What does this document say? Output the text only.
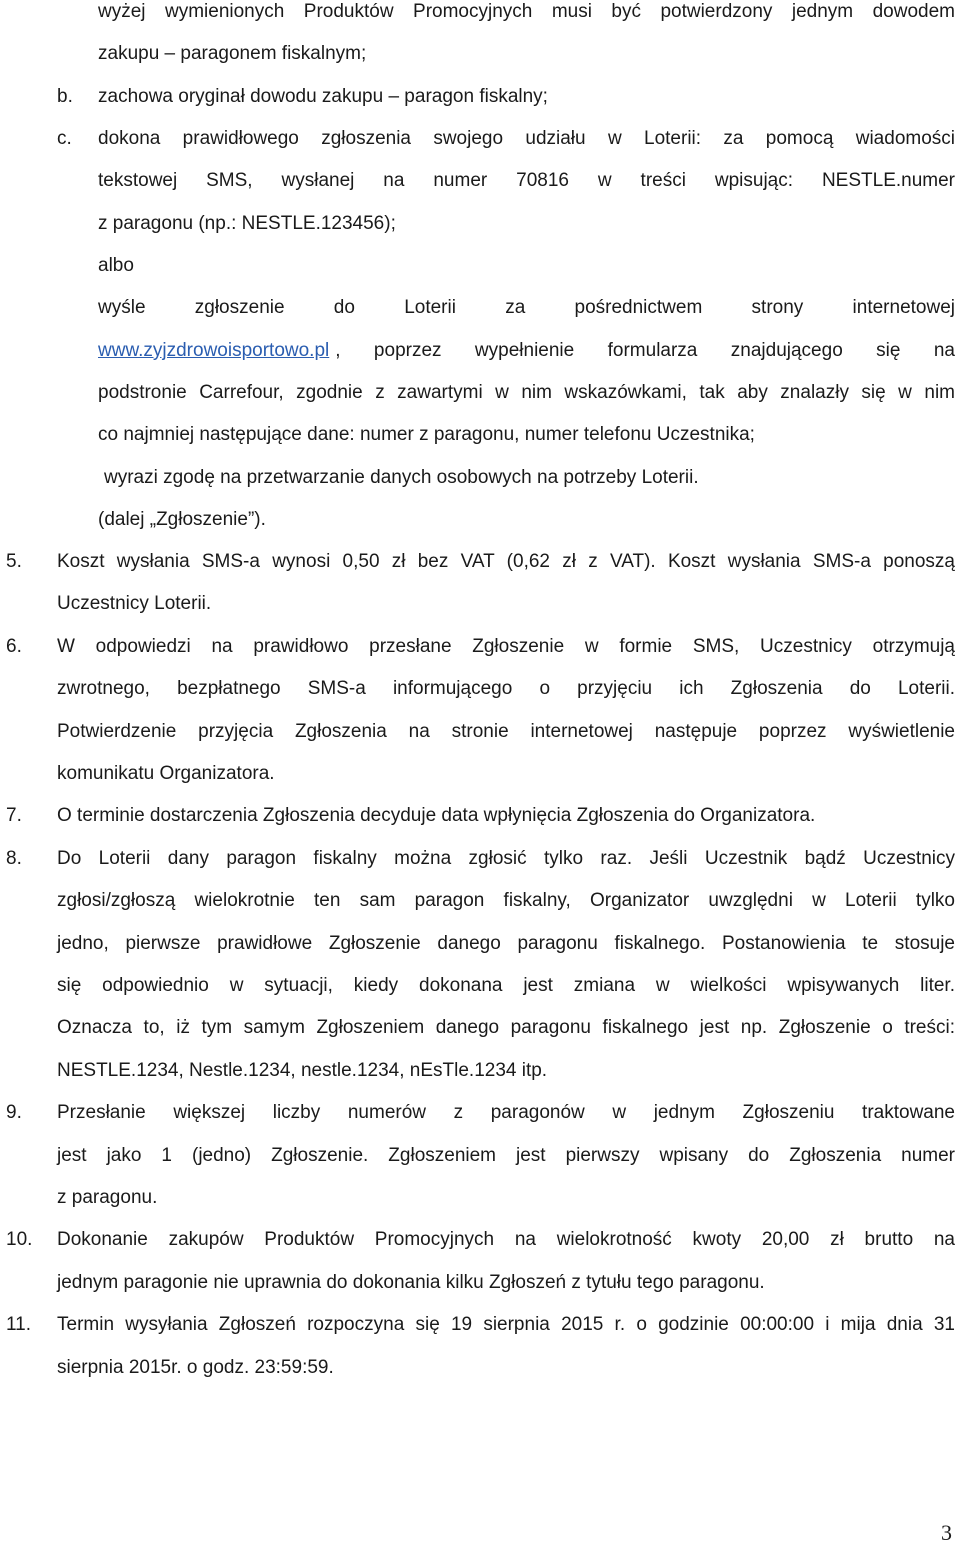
wyżej wymienionych Produktów Promocyjnych musi być potwierdzony jednym dowodem
zakupu – paragonem fiskalnym;
b. zachowa oryginał dowodu zakupu – paragon fiskalny;
c. dokona prawidłowego zgłoszenia swojego udziału w Loterii: za pomocą wiadomości
tekstowej SMS, wysłanej na numer 70816 w treści wpisując: NESTLE.numer
z paragonu (np.: NESTLE.123456);
albo
wyśle zgłoszenie do Loterii za pośrednictwem strony internetowej
www.zyjzdrowoisportowo.pl , poprzez wypełnienie formularza znajdującego się na
podstronie Carrefour, zgodnie z zawartymi w nim wskazówkami, tak aby znalazły się w nim
co najmniej następujące dane: numer z paragonu, numer telefonu Uczestnika;
wyrazi zgodę na przetwarzanie danych osobowych na potrzeby Loterii.
(dalej „Zgłoszenie”).
5. Koszt wysłania SMS-a wynosi 0,50 zł bez VAT (0,62 zł z VAT). Koszt wysłania SMS-a ponoszą
Uczestnicy Loterii.
6. W odpowiedzi na prawidłowo przesłane Zgłoszenie w formie SMS, Uczestnicy otrzymują
zwrotnego, bezpłatnego SMS-a informującego o przyjęciu ich Zgłoszenia do Loterii.
Potwierdzenie przyjęcia Zgłoszenia na stronie internetowej następuje poprzez wyświetlenie
komunikatu Organizatora.
7. O terminie dostarczenia Zgłoszenia decyduje data wpłynięcia Zgłoszenia do Organizatora.
8. Do Loterii dany paragon fiskalny można zgłosić tylko raz. Jeśli Uczestnik bądź Uczestnicy
zgłosi/zgłoszą wielokrotnie ten sam paragon fiskalny, Organizator uwzględni w Loterii tylko
jedno, pierwsze prawidłowe Zgłoszenie danego paragonu fiskalnego. Postanowienia te stosuje
się odpowiednio w sytuacji, kiedy dokonana jest zmiana w wielkości wpisywanych liter.
Oznacza to, iż tym samym Zgłoszeniem danego paragonu fiskalnego jest np. Zgłoszenie o treści:
NESTLE.1234, Nestle.1234, nestle.1234, nEsTle.1234 itp.
9. Przesłanie większej liczby numerów z paragonów w jednym Zgłoszeniu traktowane
jest jako 1 (jedno) Zgłoszenie. Zgłoszeniem jest pierwszy wpisany do Zgłoszenia numer
z paragonu.
10. Dokonanie zakupów Produktów Promocyjnych na wielokrotność kwoty 20,00 zł brutto na
jednym paragonie nie uprawnia do dokonania kilku Zgłoszeń z tytułu tego paragonu.
11. Termin wysyłania Zgłoszeń rozpoczyna się 19 sierpnia 2015 r. o godzinie 00:00:00 i mija dnia 31
sierpnia 2015r. o godz. 23:59:59.
3
